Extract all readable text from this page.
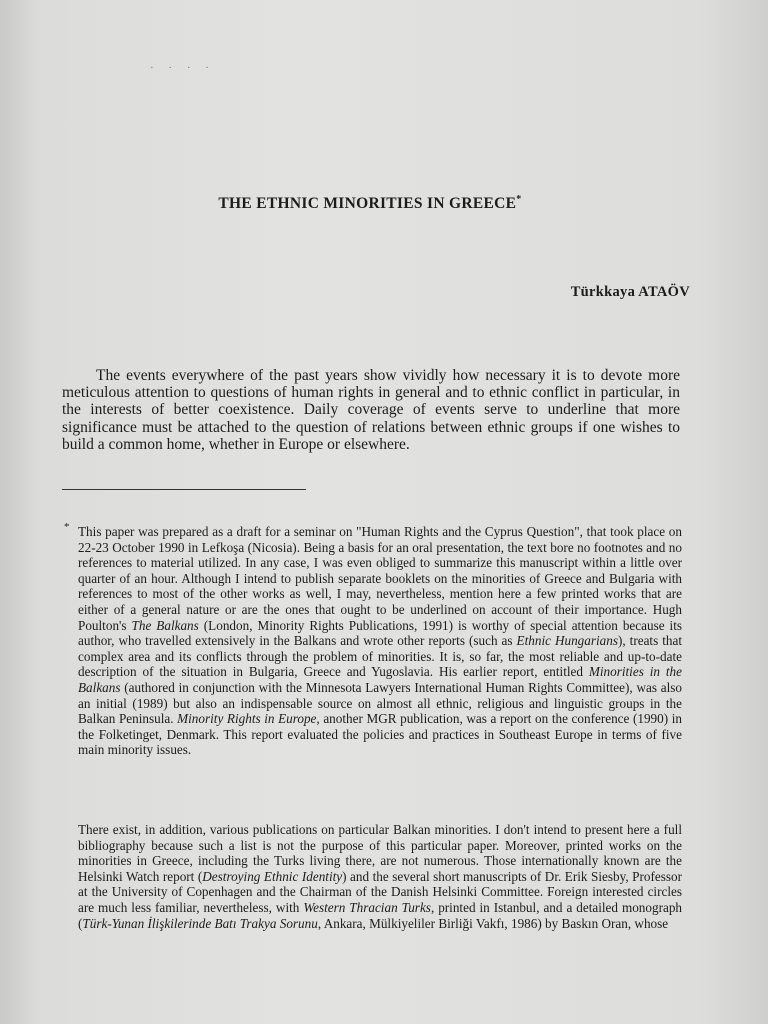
· · · ·
THE ETHNIC MINORITIES IN GREECE*
Türkkaya ATAÖV

The events everywhere of the past years show vividly how necessary it is to devote more meticulous attention to questions of human rights in general and to ethnic conflict in particular, in the interests of better coexistence. Daily coverage of events serve to underline that more significance must be attached to the question of relations between ethnic groups if one wishes to build a common home, whether in Europe or elsewhere.

* This paper was prepared as a draft for a seminar on "Human Rights and the Cyprus Question", that took place on 22-23 October 1990 in Lefkoşa (Nicosia). Being a basis for an oral presentation, the text bore no footnotes and no references to material utilized. In any case, I was even obliged to summarize this manuscript within a little over quarter of an hour. Although I intend to publish separate booklets on the minorities of Greece and Bulgaria with references to most of the other works as well, I may, nevertheless, mention here a few printed works that are either of a general nature or are the ones that ought to be underlined on account of their importance. Hugh Poulton's The Balkans (London, Minority Rights Publications, 1991) is worthy of special attention because its author, who travelled extensively in the Balkans and wrote other reports (such as Ethnic Hungarians), treats that complex area and its conflicts through the problem of minorities. It is, so far, the most reliable and up-to-date description of the situation in Bulgaria, Greece and Yugoslavia. His earlier report, entitled Minorities in the Balkans (authored in conjunction with the Minnesota Lawyers International Human Rights Committee), was also an initial (1989) but also an indispensable source on almost all ethnic, religious and linguistic groups in the Balkan Peninsula. Minority Rights in Europe, another MGR publication, was a report on the conference (1990) in the Folketinget, Denmark. This report evaluated the policies and practices in Southeast Europe in terms of five main minority issues.

There exist, in addition, various publications on particular Balkan minorities. I don't intend to present here a full bibliography because such a list is not the purpose of this particular paper. Moreover, printed works on the minorities in Greece, including the Turks living there, are not numerous. Those internationally known are the Helsinki Watch report (Destroying Ethnic Identity) and the several short manuscripts of Dr. Erik Siesby, Professor at the University of Copenhagen and the Chairman of the Danish Helsinki Committee. Foreign interested circles are much less familiar, nevertheless, with Western Thracian Turks, printed in Istanbul, and a detailed monograph (Türk-Yunan İlişkilerinde Batı Trakya Sorunu, Ankara, Mülkiyeliler Birliği Vakfı, 1986) by Baskın Oran, whose
